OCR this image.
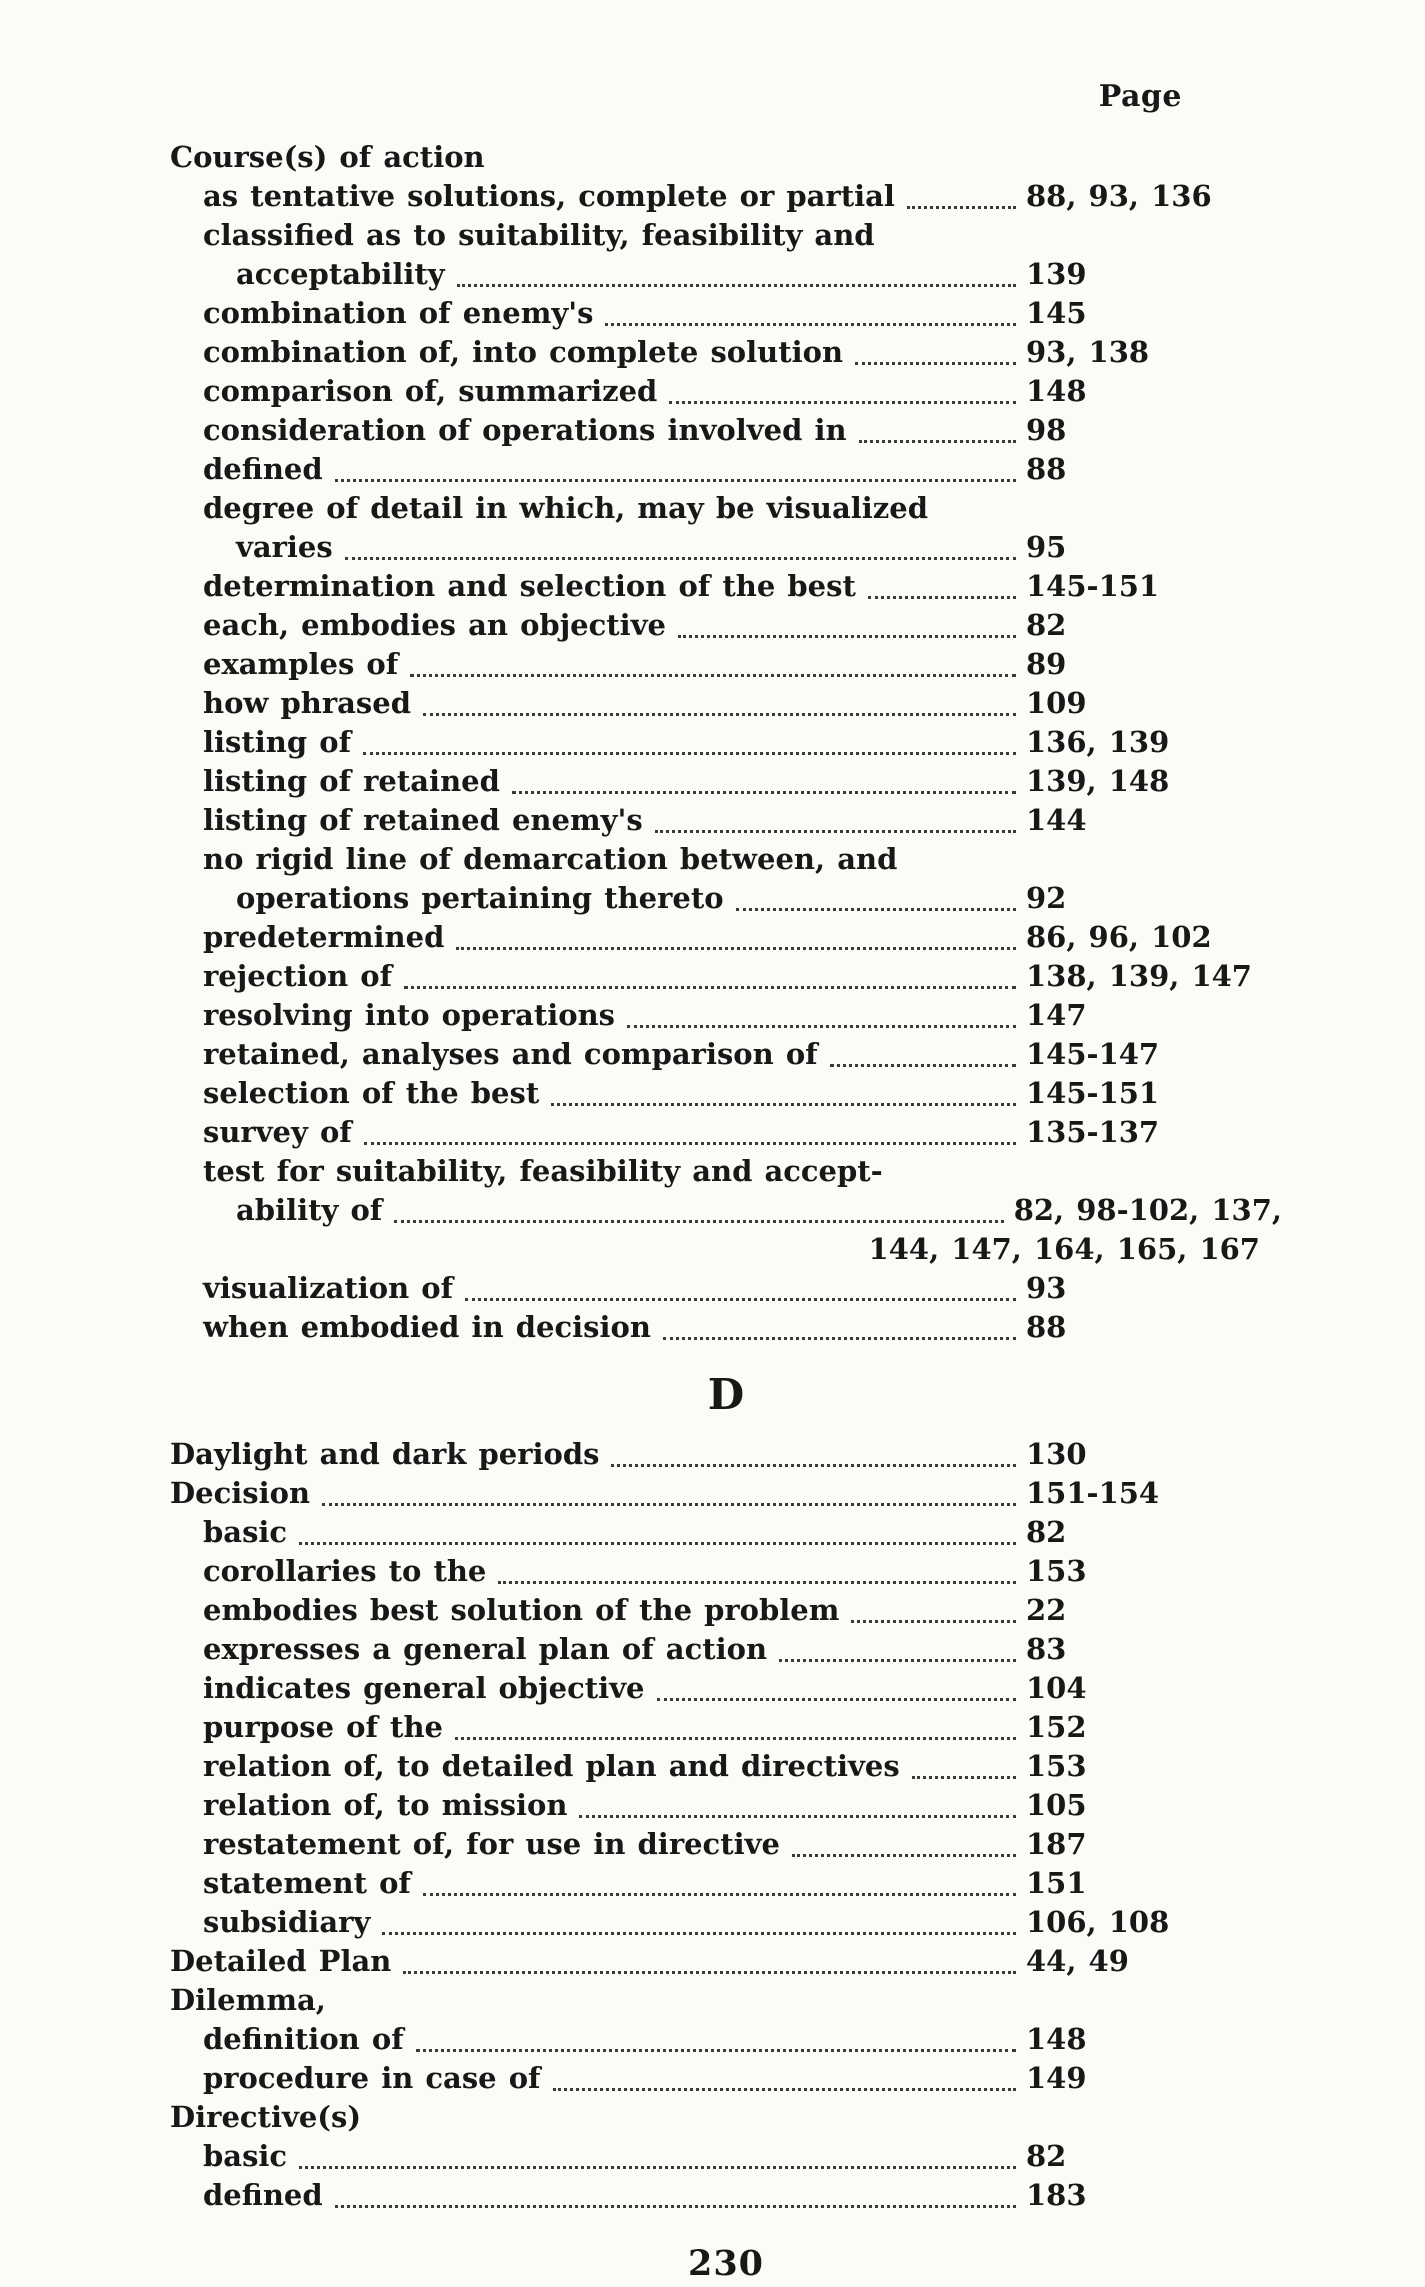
Page
Course(s) of action
as tentative solutions, complete or partial	88, 93, 136
classified as to suitability, feasibility and
acceptability	139
combination of enemy's	145
combination of, into complete solution	93, 138
comparison of, summarized	148
consideration of operations involved in	98
defined	88
degree of detail in which, may be visualized
varies	95
determination and selection of the best	145-151
each, embodies an objective	82
examples of	89
how phrased	109
listing of	136, 139
listing of retained	139, 148
listing of retained enemy's	144
no rigid line of demarcation between, and
operations pertaining thereto	92
predetermined	86, 96, 102
rejection of	138, 139, 147
resolving into operations	147
retained, analyses and comparison of	145-147
selection of the best	145-151
survey of	135-137
test for suitability, feasibility and accept-
ability of	82, 98-102, 137,
144, 147, 164, 165, 167
visualization of	93
when embodied in decision	88
D
Daylight and dark periods	130
Decision	151-154
basic	82
corollaries to the	153
embodies best solution of the problem	22
expresses a general plan of action	83
indicates general objective	104
purpose of the	152
relation of, to detailed plan and directives	153
relation of, to mission	105
restatement of, for use in directive	187
statement of	151
subsidiary	106, 108
Detailed Plan	44, 49
Dilemma,
definition of	148
procedure in case of	149
Directive(s)
basic	82
defined	183
230
